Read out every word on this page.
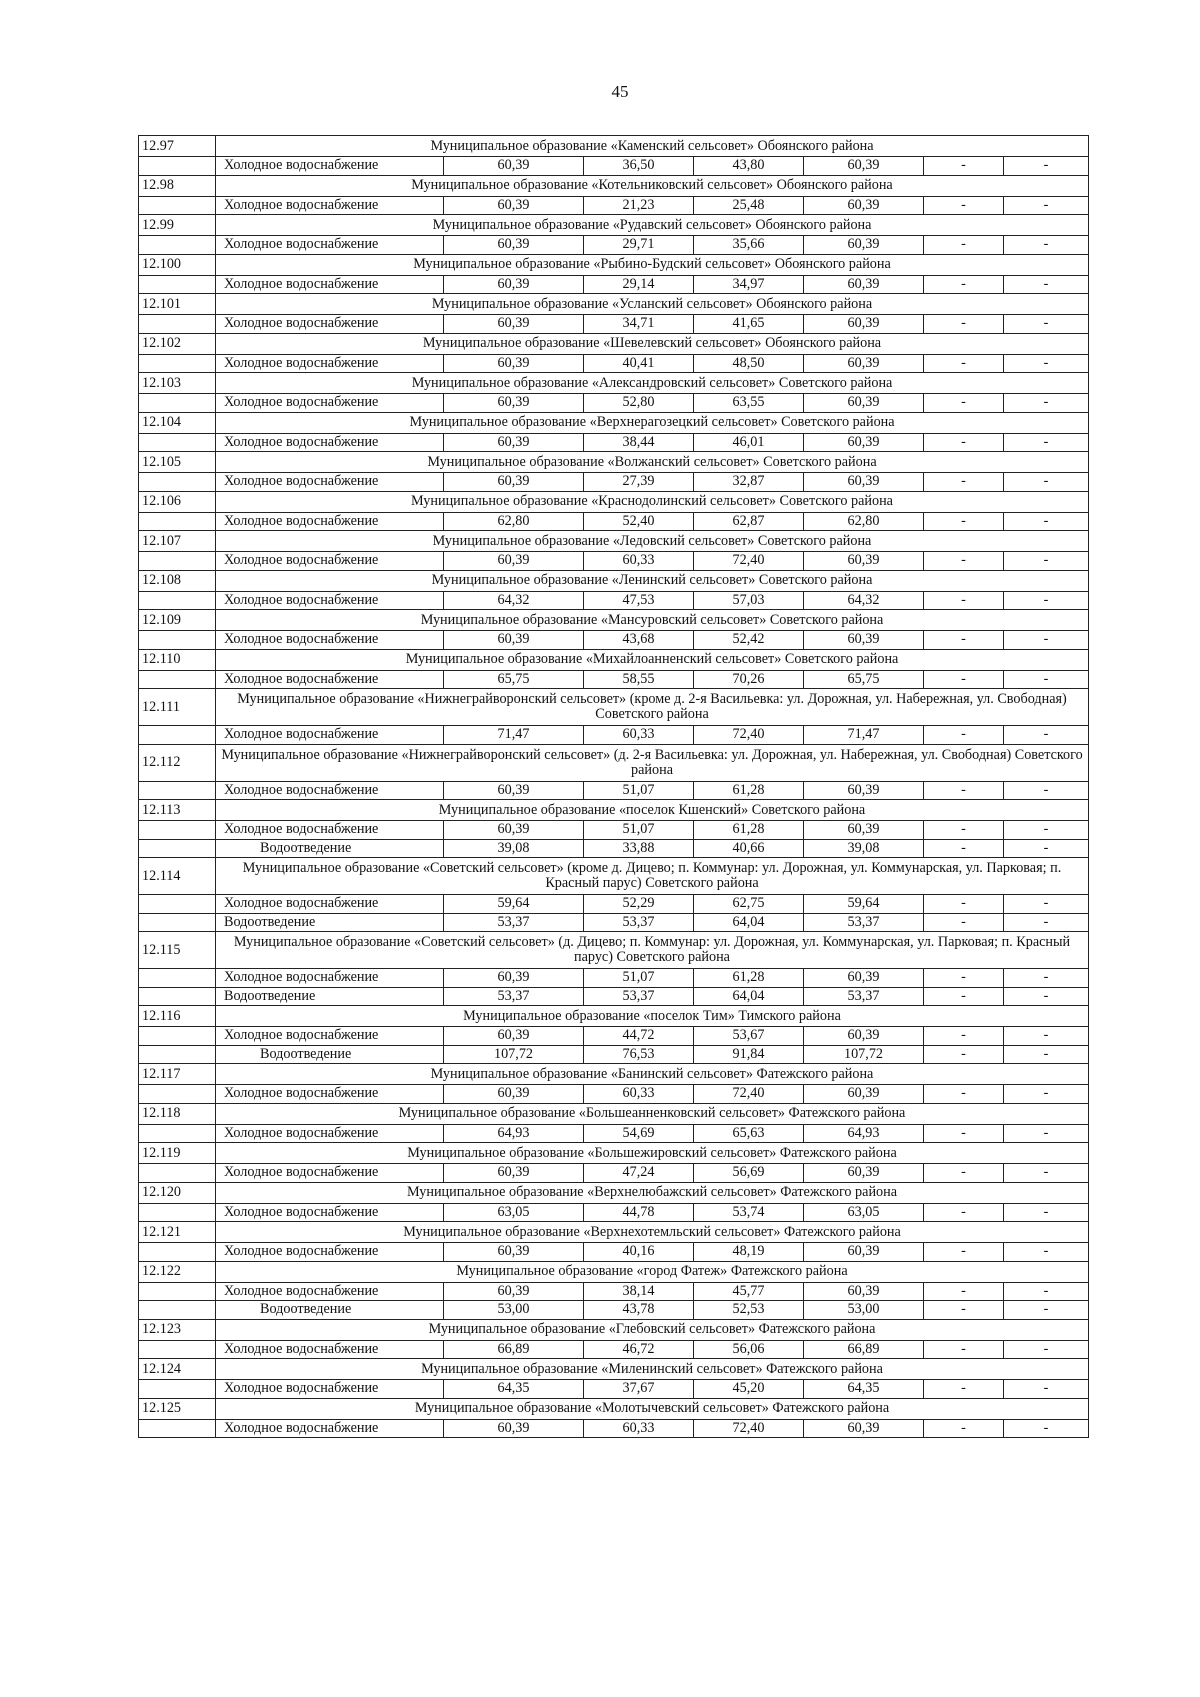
45
12.97	Муниципальное образование «Каменский сельсовет» Обоянского района						
	Холодное водоснабжение	60,39	36,50	43,80	60,39	-	-
12.98	Муниципальное образование «Котельниковский сельсовет» Обоянского района						
	Холодное водоснабжение	60,39	21,23	25,48	60,39	-	-
12.99	Муниципальное образование «Рудавский сельсовет» Обоянского района						
	Холодное водоснабжение	60,39	29,71	35,66	60,39	-	-
12.100	Муниципальное образование «Рыбино-Будский сельсовет» Обоянского района						
	Холодное водоснабжение	60,39	29,14	34,97	60,39	-	-
12.101	Муниципальное образование «Усланский сельсовет» Обоянского района						
	Холодное водоснабжение	60,39	34,71	41,65	60,39	-	-
12.102	Муниципальное образование «Шевелевский сельсовет» Обоянского района						
	Холодное водоснабжение	60,39	40,41	48,50	60,39	-	-
12.103	Муниципальное образование «Александровский сельсовет» Советского района						
	Холодное водоснабжение	60,39	52,80	63,55	60,39	-	-
12.104	Муниципальное образование «Верхнерагозецкий сельсовет» Советского района						
	Холодное водоснабжение	60,39	38,44	46,01	60,39	-	-
12.105	Муниципальное образование «Волжанский сельсовет» Советского района						
	Холодное водоснабжение	60,39	27,39	32,87	60,39	-	-
12.106	Муниципальное образование «Краснодолинский сельсовет» Советского района						
	Холодное водоснабжение	62,80	52,40	62,87	62,80	-	-
12.107	Муниципальное образование «Ледовский сельсовет» Советского района						
	Холодное водоснабжение	60,39	60,33	72,40	60,39	-	-
12.108	Муниципальное образование «Ленинский сельсовет» Советского района						
	Холодное водоснабжение	64,32	47,53	57,03	64,32	-	-
12.109	Муниципальное образование «Мансуровский сельсовет» Советского района						
	Холодное водоснабжение	60,39	43,68	52,42	60,39	-	-
12.110	Муниципальное образование «Михайлоанненский сельсовет» Советского района						
	Холодное водоснабжение	65,75	58,55	70,26	65,75	-	-
12.111	Муниципальное образование «Нижнеграйворонский сельсовет» (кроме д. 2-я Васильевка: ул. Дорожная, ул. Набережная, ул. Свободная) Советского района						
	Холодное водоснабжение	71,47	60,33	72,40	71,47	-	-
12.112	Муниципальное образование «Нижнеграйворонский сельсовет» (д. 2-я Васильевка: ул. Дорожная, ул. Набережная, ул. Свободная) Советского района						
	Холодное водоснабжение	60,39	51,07	61,28	60,39	-	-
12.113	Муниципальное образование «поселок Кшенский» Советского района						
	Холодное водоснабжение	60,39	51,07	61,28	60,39	-	-
	Водоотведение	39,08	33,88	40,66	39,08	-	-
12.114	Муниципальное образование «Советский сельсовет» (кроме д. Дицево; п. Коммунар: ул. Дорожная, ул. Коммунарская, ул. Парковая; п. Красный парус) Советского района						
	Холодное водоснабжение	59,64	52,29	62,75	59,64	-	-
	Водоотведение	53,37	53,37	64,04	53,37	-	-
12.115	Муниципальное образование «Советский сельсовет» (д. Дицево; п. Коммунар: ул. Дорожная, ул. Коммунарская, ул. Парковая; п. Красный парус) Советского района						
	Холодное водоснабжение	60,39	51,07	61,28	60,39	-	-
	Водоотведение	53,37	53,37	64,04	53,37	-	-
12.116	Муниципальное образование «поселок Тим» Тимского района						
	Холодное водоснабжение	60,39	44,72	53,67	60,39	-	-
	Водоотведение	107,72	76,53	91,84	107,72	-	-
12.117	Муниципальное образование «Банинский сельсовет» Фатежского района						
	Холодное водоснабжение	60,39	60,33	72,40	60,39	-	-
12.118	Муниципальное образование «Большеанненковский сельсовет» Фатежского района						
	Холодное водоснабжение	64,93	54,69	65,63	64,93	-	-
12.119	Муниципальное образование «Большежировский сельсовет» Фатежского района						
	Холодное водоснабжение	60,39	47,24	56,69	60,39	-	-
12.120	Муниципальное образование «Верхнелюбажский сельсовет» Фатежского района						
	Холодное водоснабжение	63,05	44,78	53,74	63,05	-	-
12.121	Муниципальное образование «Верхнехотемльский сельсовет» Фатежского района						
	Холодное водоснабжение	60,39	40,16	48,19	60,39	-	-
12.122	Муниципальное образование «город Фатеж» Фатежского района						
	Холодное водоснабжение	60,39	38,14	45,77	60,39	-	-
	Водоотведение	53,00	43,78	52,53	53,00	-	-
12.123	Муниципальное образование «Глебовский сельсовет» Фатежского района						
	Холодное водоснабжение	66,89	46,72	56,06	66,89	-	-
12.124	Муниципальное образование «Миленинский сельсовет» Фатежского района						
	Холодное водоснабжение	64,35	37,67	45,20	64,35	-	-
12.125	Муниципальное образование «Молотычевский сельсовет» Фатежского района						
	Холодное водоснабжение	60,39	60,33	72,40	60,39	-	-
